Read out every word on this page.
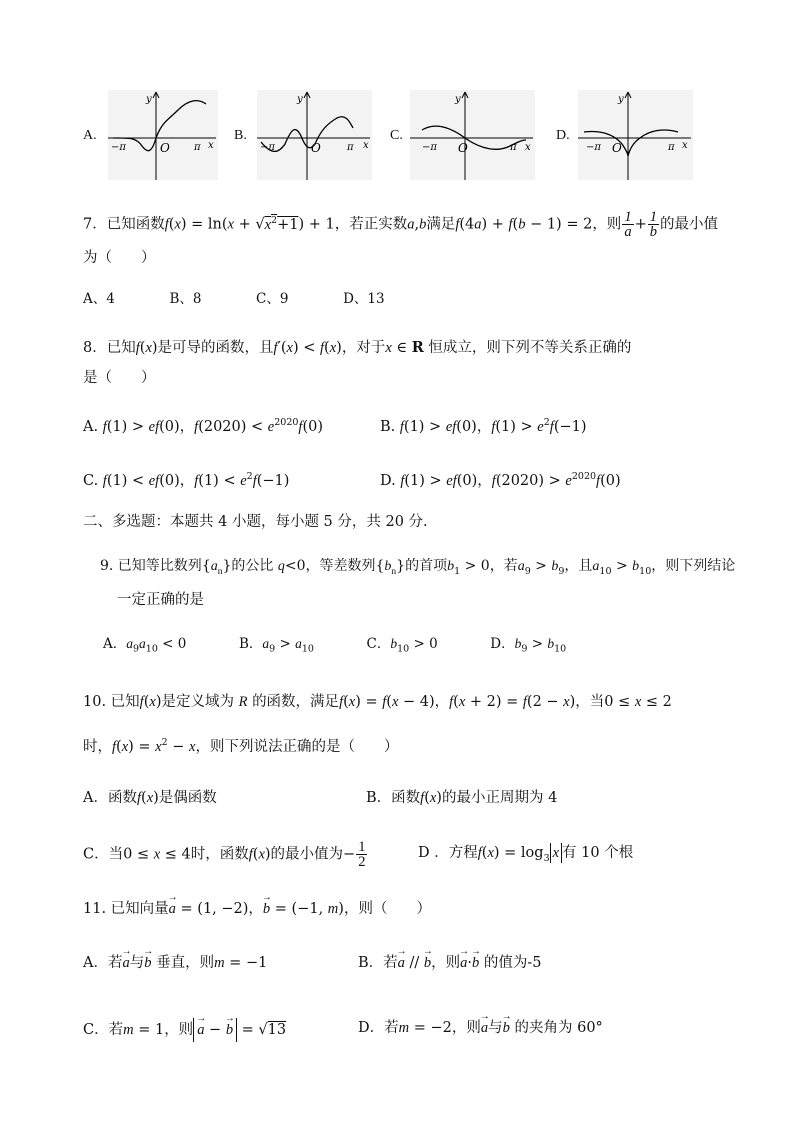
A.
y
x
−π	O π
B.
y
x
−π	O	π
C.
y
x
−π O	π
D.
y
x
−π O	π
7．已知函数$f(x) = \ln(x + √x^2+1) + 1$，若正实数a,b满足f(4a) + f(b − 1) = 2，则 $\frac{1}{a} + \frac{1}{b}$ 的最小值
为（　　）
A、4	B、8	C、9	D、13
8．已知f(x)是可导的函数，且f′(x) < f(x)，对于x ∈ R 恒成立，则下列不等关系正确的
是（　　）
A. f(1) > ef(0)，$f(2020) < e^{2020}f(0)$	B. f(1) > ef(0)，$f(1) > e^2f(-1)$
C. f(1) < ef(0)，$f(1) < e^2f(-1)$	D. f(1) > ef(0)，$f(2020) > e^{2020}f(0)$
二、多选题：本题共 4 小题，每小题 5 分，共 20 分.
9. 已知等比数列$\{a_n\}$的公比 q<0，等差数列$\{b_n\}$的首项$b_1 > 0$，若$a_9 > b_9$，且$a_{10} > b_{10}$，则下列结论
一定正确的是
A．$a_9a_{10} < 0$	B．$a_9 > a_{10}$	C．$b_{10} > 0$	D．$b_9 > b_{10}$
10. 已知f(x)是定义域为 R 的函数，满足f(x) = f(x − 4)，f(x + 2) = f(2 − x)，当0 ≤ x ≤ 2
时，$f(x) = x^2 - x$，则下列说法正确的是（　　）
A．函数f(x)是偶函数	B．函数f(x)的最小正周期为 4
C．当0 ≤ x ≤ 4时，函数f(x)的最小值为− $\frac{1}{2}$	D ．方程$f(x) = \log_3 x$ 有 10 个根
11. 已知向量→ a = (1, −2)，→ b = (−1, m)，则（　　）
A．若→ a与→ b 垂直，则m = −1	B．若→ a // → b，则→ a·→ b 的值为-5
C．若m = 1，则 → a − → b = √13	D．若m = −2，则→ a与→ b 的夹角为 60°
